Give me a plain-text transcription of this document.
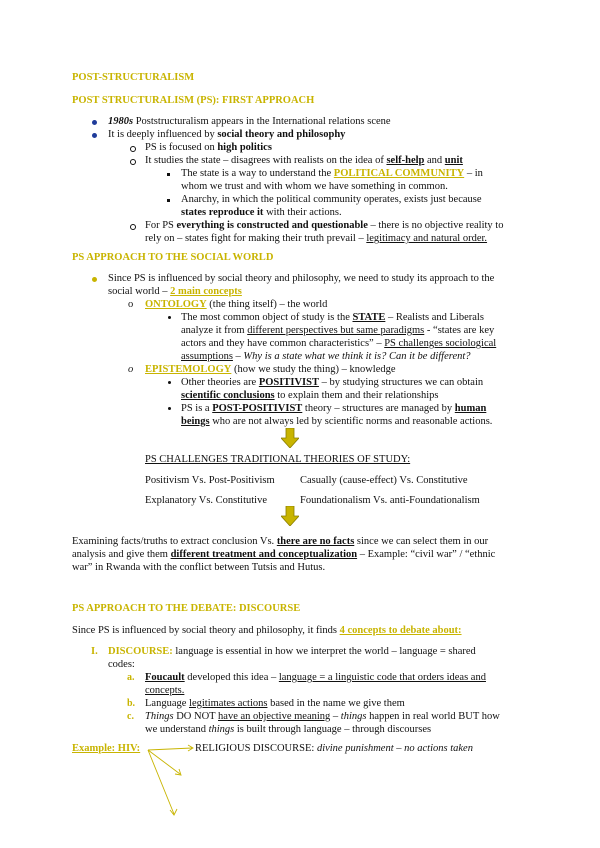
POST-STRUCTURALISM
POST STRUCTURALISM (PS): FIRST APPROACH
1980s Poststructuralism appears in the International relations scene
It is deeply influenced by social theory and philosophy
PS is focused on high politics
It studies the state – disagrees with realists on the idea of self-help and unit
The state is a way to understand the POLITICAL COMMUNITY – in
whom we trust and with whom we have something in common.
Anarchy, in which the political community operates, exists just because
states reproduce it with their actions.
For PS everything is constructed and questionable – there is no objective reality to
rely on – states fight for making their truth prevail – legitimacy and natural order.
PS APPROACH TO THE SOCIAL WORLD
Since PS is influenced by social theory and philosophy, we need to study its approach to the
social world – 2 main concepts
o ONTOLOGY (the thing itself) – the world
The most common object of study is the STATE – Realists and Liberals
analyze it from different perspectives but same paradigms - “states are key
actors and they have common characteristics” – PS challenges sociological
assumptions – Why is a state what we think it is? Can it be different?
o EPISTEMOLOGY (how we study the thing) – knowledge
Other theories are POSITIVIST – by studying structures we can obtain
scientific conclusions to explain them and their relationships
PS is a POST-POSITIVIST theory – structures are managed by human
beings who are not always led by scientific norms and reasonable actions.
PS CHALLENGES TRADITIONAL THEORIES OF STUDY:
Positivism Vs. Post-Positivism Casually (cause-effect) Vs. Constitutive
Explanatory Vs. Constitutive	Foundationalism Vs. anti-Foundationalism
Examining facts/truths to extract conclusion Vs. there are no facts since we can select them in our
analysis and give them different treatment and conceptualization – Example: “civil war” / “ethnic
war” in Rwanda with the conflict between Tutsis and Hutus.
PS APPROACH TO THE DEBATE: DISCOURSE
Since PS is influenced by social theory and philosophy, it finds 4 concepts to debate about:
I. DISCOURSE: language is essential in how we interpret the world – language = shared
codes:
a. Foucault developed this idea – language = a linguistic code that orders ideas and
concepts.
b. Language legitimates actions based in the name we give them
c. Things DO NOT have an objective meaning – things happen in real world BUT how
we understand things is built through language – through discourses
Example: HIV:	RELIGIOUS DISCOURSE: divine punishment – no actions taken
